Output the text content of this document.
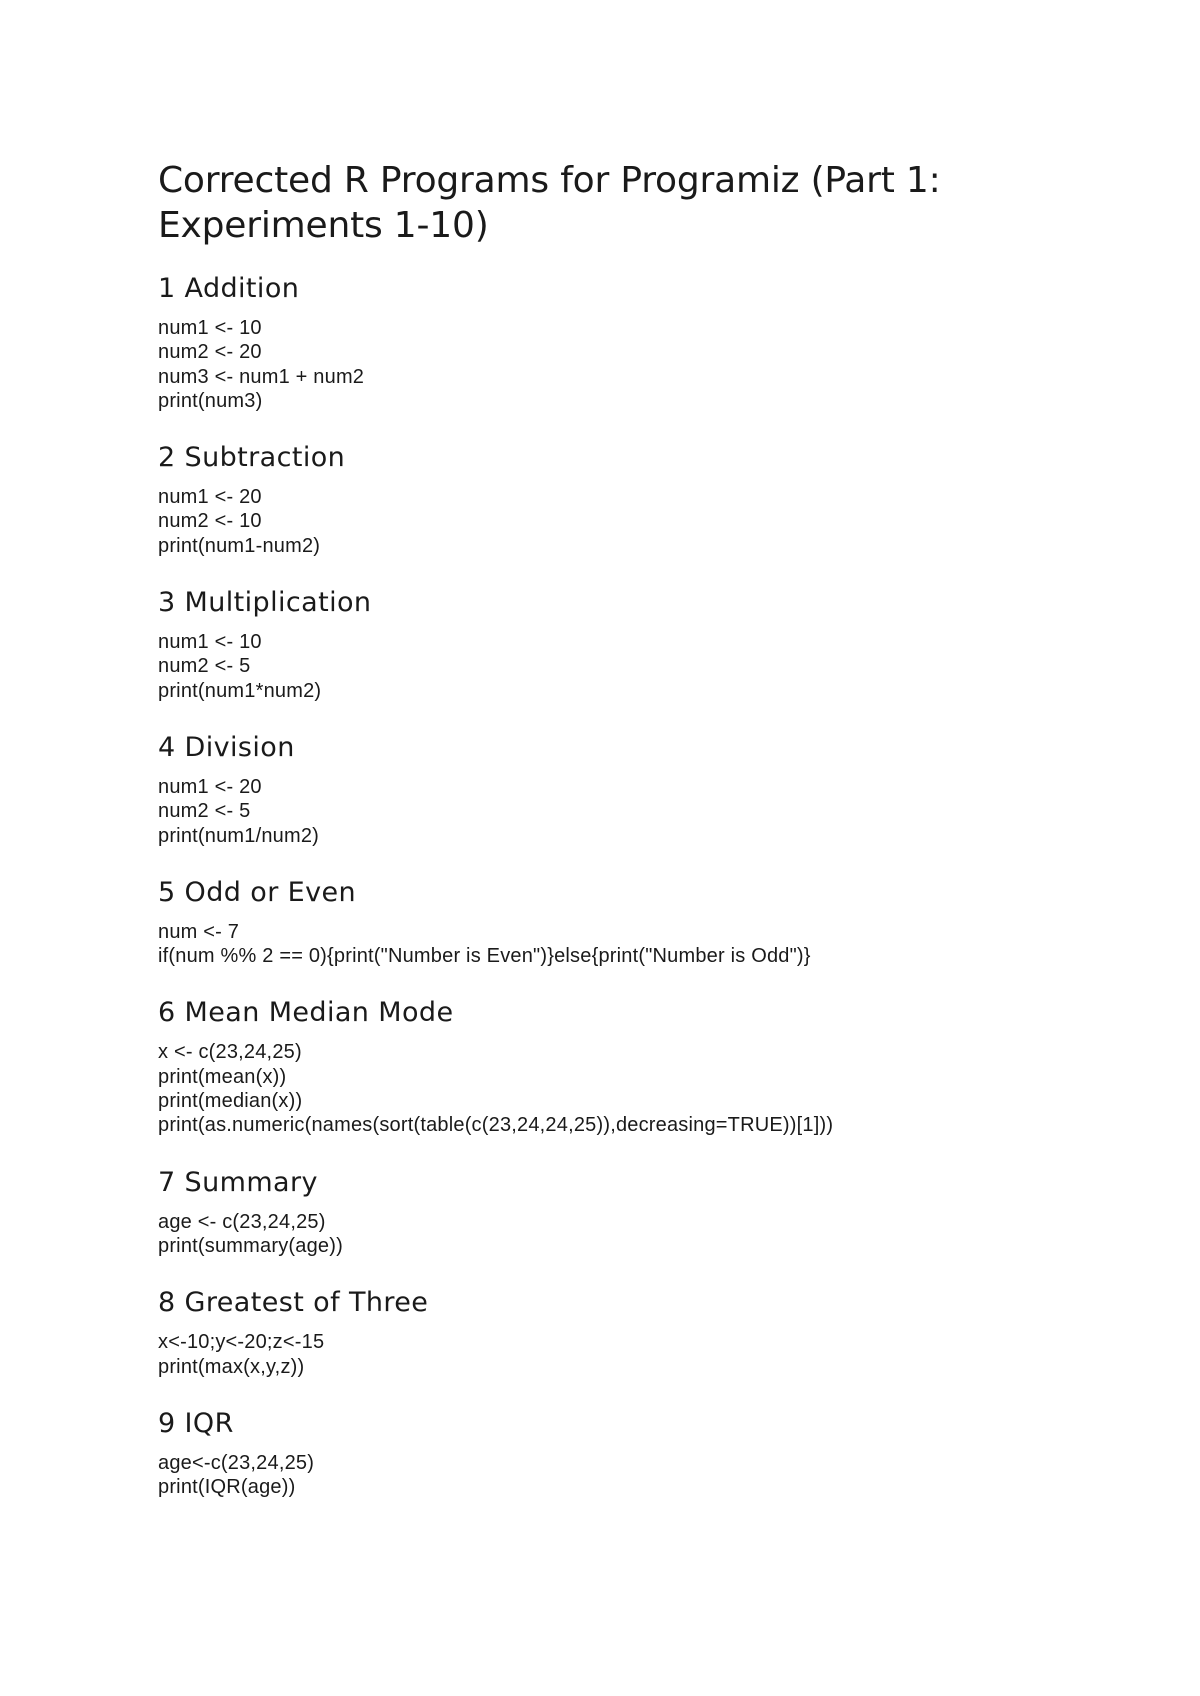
Corrected R Programs for Programiz (Part 1: Experiments 1-10)
1 Addition
num1 <- 10
num2 <- 20
num3 <- num1 + num2
print(num3)
2 Subtraction
num1 <- 20
num2 <- 10
print(num1-num2)
3 Multiplication
num1 <- 10
num2 <- 5
print(num1*num2)
4 Division
num1 <- 20
num2 <- 5
print(num1/num2)
5 Odd or Even
num <- 7
if(num %% 2 == 0){print("Number is Even")}else{print("Number is Odd")}
6 Mean Median Mode
x <- c(23,24,25)
print(mean(x))
print(median(x))
print(as.numeric(names(sort(table(c(23,24,24,25)),decreasing=TRUE))[1]))
7 Summary
age <- c(23,24,25)
print(summary(age))
8 Greatest of Three
x<-10;y<-20;z<-15
print(max(x,y,z))
9 IQR
age<-c(23,24,25)
print(IQR(age))
